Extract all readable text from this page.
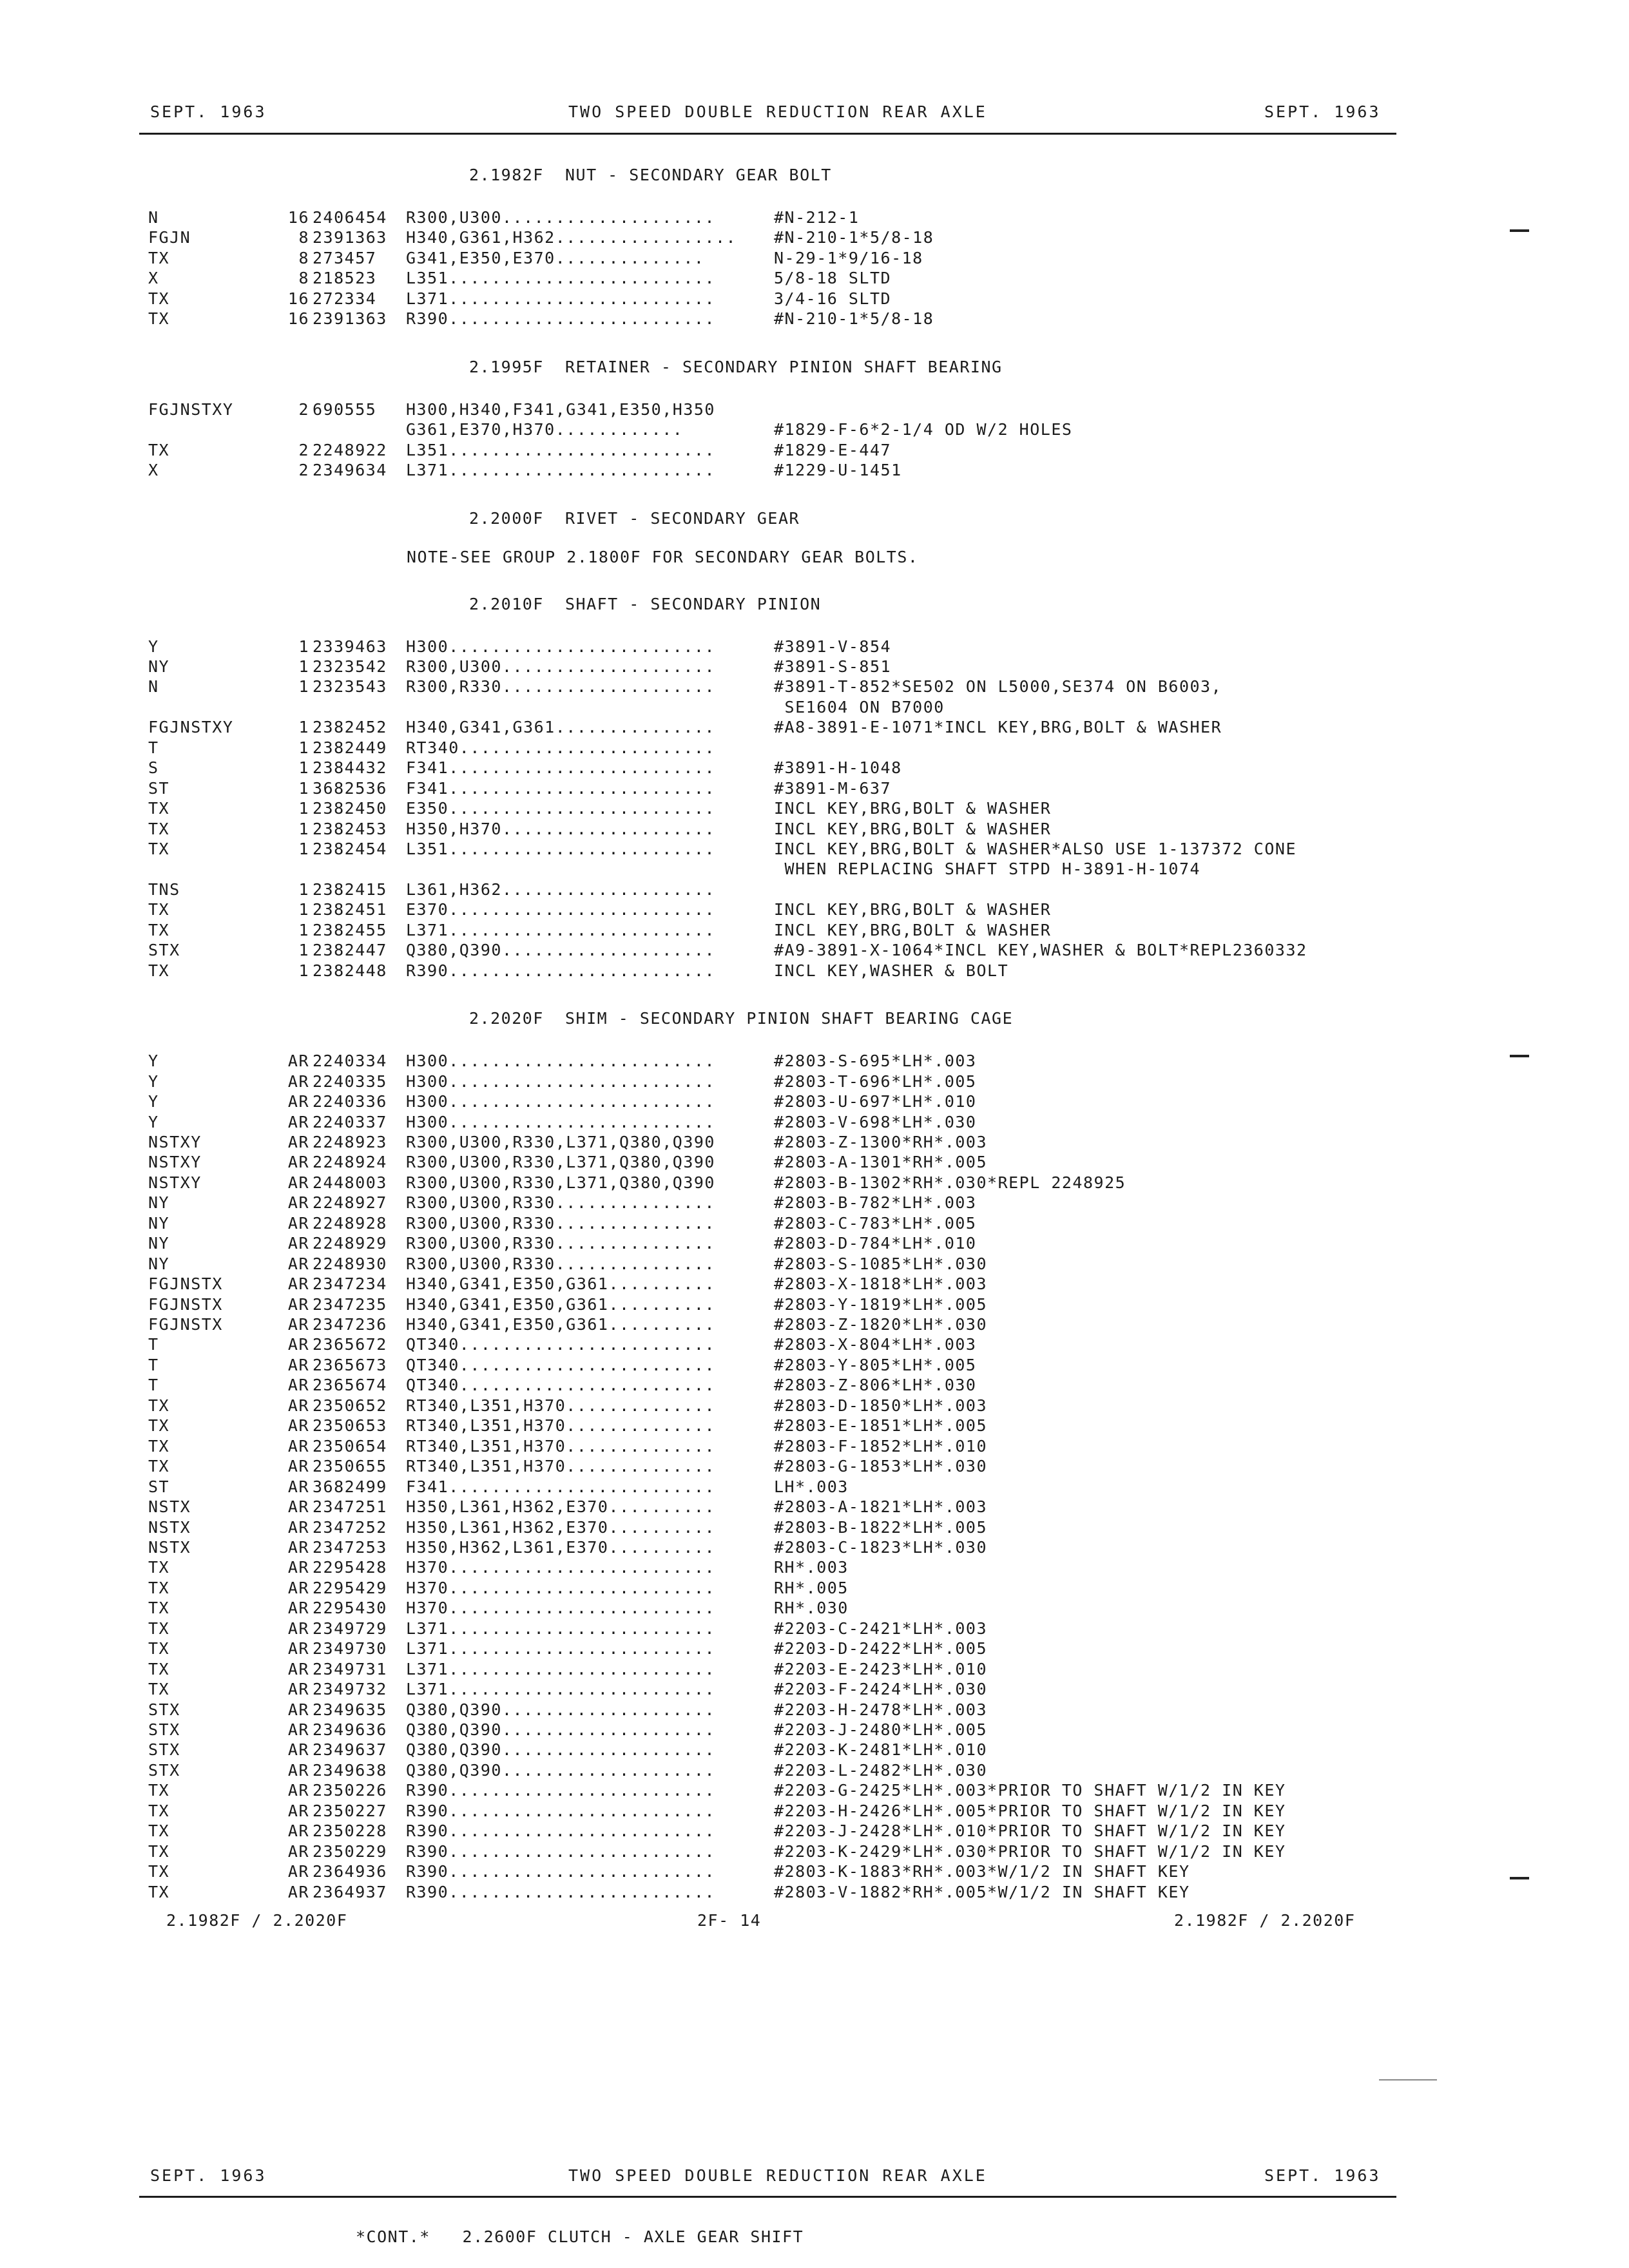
SEPT. 1963	TWO SPEED DOUBLE REDUCTION REAR AXLE	SEPT. 1963
2.1982F  NUT - SECONDARY GEAR BOLT
N	16 2406454 R300,U300....................	#N-212-1
FGJN	8 2391363 H340,G361,H362................. #N-210-1*5/8-18
TX	8 273457 G341,E350,E370..............	N-29-1*9/16-18
X	8 218523 L351.........................	5/8-18 SLTD
TX	16 272334 L371.........................	3/4-16 SLTD
TX	16 2391363 R390.........................	#N-210-1*5/8-18
2.1995F  RETAINER - SECONDARY PINION SHAFT BEARING
FGJNSTXY	2 690555 H300,H340,F341,G341,E350,H350
G361,E370,H370............	#1829-F-6*2-1/4 OD W/2 HOLES
TX	2 2248922 L351.........................	#1829-E-447
X	2 2349634 L371.........................	#1229-U-1451
2.2000F  RIVET - SECONDARY GEAR
NOTE-SEE GROUP 2.1800F FOR SECONDARY GEAR BOLTS.
2.2010F  SHAFT - SECONDARY PINION
Y	1 2339463 H300.........................	#3891-V-854
NY	1 2323542 R300,U300....................	#3891-S-851
N	1 2323543 R300,R330....................	#3891-T-852*SE502 ON L5000,SE374 ON B6003,
SE1604 ON B7000
FGJNSTXY	1 2382452 H340,G341,G361...............	#A8-3891-E-1071*INCL KEY,BRG,BOLT & WASHER
T	1 2382449 RT340........................
S	1 2384432 F341.........................	#3891-H-1048
ST	1 3682536 F341.........................	#3891-M-637
TX	1 2382450 E350.........................	INCL KEY,BRG,BOLT & WASHER
TX	1 2382453 H350,H370....................	INCL KEY,BRG,BOLT & WASHER
TX	1 2382454 L351.........................	INCL KEY,BRG,BOLT & WASHER*ALSO USE 1-137372 CONE
WHEN REPLACING SHAFT STPD H-3891-H-1074
TNS	1 2382415 L361,H362....................
TX	1 2382451 E370.........................	INCL KEY,BRG,BOLT & WASHER
TX	1 2382455 L371.........................	INCL KEY,BRG,BOLT & WASHER
STX	1 2382447 Q380,Q390....................	#A9-3891-X-1064*INCL KEY,WASHER & BOLT*REPL2360332
TX	1 2382448 R390.........................	INCL KEY,WASHER & BOLT
2.2020F  SHIM - SECONDARY PINION SHAFT BEARING CAGE
Y	AR 2240334 H300.........................	#2803-S-695*LH*.003
Y	AR 2240335 H300.........................	#2803-T-696*LH*.005
Y	AR 2240336 H300.........................	#2803-U-697*LH*.010
Y	AR 2240337 H300.........................	#2803-V-698*LH*.030
NSTXY	AR 2248923 R300,U300,R330,L371,Q380,Q390	#2803-Z-1300*RH*.003
NSTXY	AR 2248924 R300,U300,R330,L371,Q380,Q390	#2803-A-1301*RH*.005
NSTXY	AR 2448003 R300,U300,R330,L371,Q380,Q390	#2803-B-1302*RH*.030*REPL 2248925
NY	AR 2248927 R300,U300,R330...............	#2803-B-782*LH*.003
NY	AR 2248928 R300,U300,R330...............	#2803-C-783*LH*.005
NY	AR 2248929 R300,U300,R330...............	#2803-D-784*LH*.010
NY	AR 2248930 R300,U300,R330...............	#2803-S-1085*LH*.030
FGJNSTX	AR 2347234 H340,G341,E350,G361..........	#2803-X-1818*LH*.003
FGJNSTX	AR 2347235 H340,G341,E350,G361..........	#2803-Y-1819*LH*.005
FGJNSTX	AR 2347236 H340,G341,E350,G361..........	#2803-Z-1820*LH*.030
T	AR 2365672 QT340........................	#2803-X-804*LH*.003
T	AR 2365673 QT340........................	#2803-Y-805*LH*.005
T	AR 2365674 QT340........................	#2803-Z-806*LH*.030
TX	AR 2350652 RT340,L351,H370..............	#2803-D-1850*LH*.003
TX	AR 2350653 RT340,L351,H370..............	#2803-E-1851*LH*.005
TX	AR 2350654 RT340,L351,H370..............	#2803-F-1852*LH*.010
TX	AR 2350655 RT340,L351,H370..............	#2803-G-1853*LH*.030
ST	AR 3682499 F341.........................	LH*.003
NSTX	AR 2347251 H350,L361,H362,E370..........	#2803-A-1821*LH*.003
NSTX	AR 2347252 H350,L361,H362,E370..........	#2803-B-1822*LH*.005
NSTX	AR 2347253 H350,H362,L361,E370..........	#2803-C-1823*LH*.030
TX	AR 2295428 H370.........................	RH*.003
TX	AR 2295429 H370.........................	RH*.005
TX	AR 2295430 H370.........................	RH*.030
TX	AR 2349729 L371.........................	#2203-C-2421*LH*.003
TX	AR 2349730 L371.........................	#2203-D-2422*LH*.005
TX	AR 2349731 L371.........................	#2203-E-2423*LH*.010
TX	AR 2349732 L371.........................	#2203-F-2424*LH*.030
STX	AR 2349635 Q380,Q390....................	#2203-H-2478*LH*.003
STX	AR 2349636 Q380,Q390....................	#2203-J-2480*LH*.005
STX	AR 2349637 Q380,Q390....................	#2203-K-2481*LH*.010
STX	AR 2349638 Q380,Q390....................	#2203-L-2482*LH*.030
TX	AR 2350226 R390.........................	#2203-G-2425*LH*.003*PRIOR TO SHAFT W/1/2 IN KEY
TX	AR 2350227 R390.........................	#2203-H-2426*LH*.005*PRIOR TO SHAFT W/1/2 IN KEY
TX	AR 2350228 R390.........................	#2203-J-2428*LH*.010*PRIOR TO SHAFT W/1/2 IN KEY
TX	AR 2350229 R390.........................	#2203-K-2429*LH*.030*PRIOR TO SHAFT W/1/2 IN KEY
TX	AR 2364936 R390.........................	#2803-K-1883*RH*.003*W/1/2 IN SHAFT KEY
TX	AR 2364937 R390.........................	#2803-V-1882*RH*.005*W/1/2 IN SHAFT KEY
2.1982F / 2.2020F	2F- 14	2.1982F / 2.2020F
SEPT. 1963	TWO SPEED DOUBLE REDUCTION REAR AXLE	SEPT. 1963
*CONT.*   2.2600F CLUTCH - AXLE GEAR SHIFT
